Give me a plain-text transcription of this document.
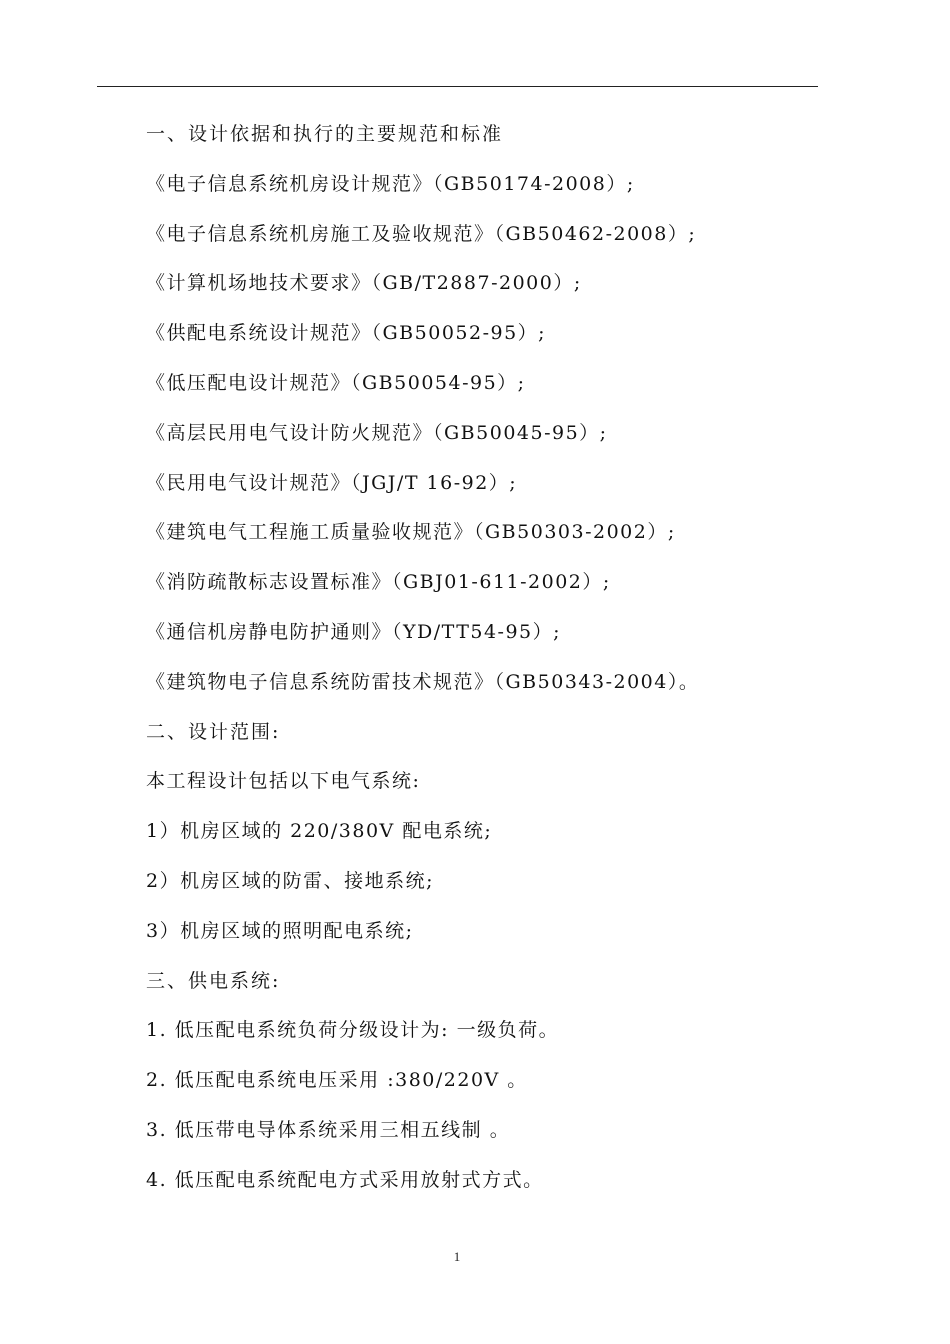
一、设计依据和执行的主要规范和标准
《电子信息系统机房设计规范》（GB50174-2008）;
《电子信息系统机房施工及验收规范》（GB50462-2008）;
《计算机场地技术要求》（GB/T2887-2000）;
《供配电系统设计规范》（GB50052-95）;
《低压配电设计规范》（GB50054-95）;
《高层民用电气设计防火规范》（GB50045-95）;
《民用电气设计规范》（JGJ/T 16-92）;
《建筑电气工程施工质量验收规范》（GB50303-2002）;
《消防疏散标志设置标准》（GBJ01-611-2002）;
《通信机房静电防护通则》（YD/TT54-95）;
《建筑物电子信息系统防雷技术规范》（GB50343-2004）。
二、设计范围:
本工程设计包括以下电气系统:
1）机房区域的 220/380V 配电系统;
2）机房区域的防雷、接地系统;
3）机房区域的照明配电系统;
三、供电系统:
1. 低压配电系统负荷分级设计为: 一级负荷。
2. 低压配电系统电压采用 :380/220V 。
3. 低压带电导体系统采用三相五线制 。
4. 低压配电系统配电方式采用放射式方式。
1
